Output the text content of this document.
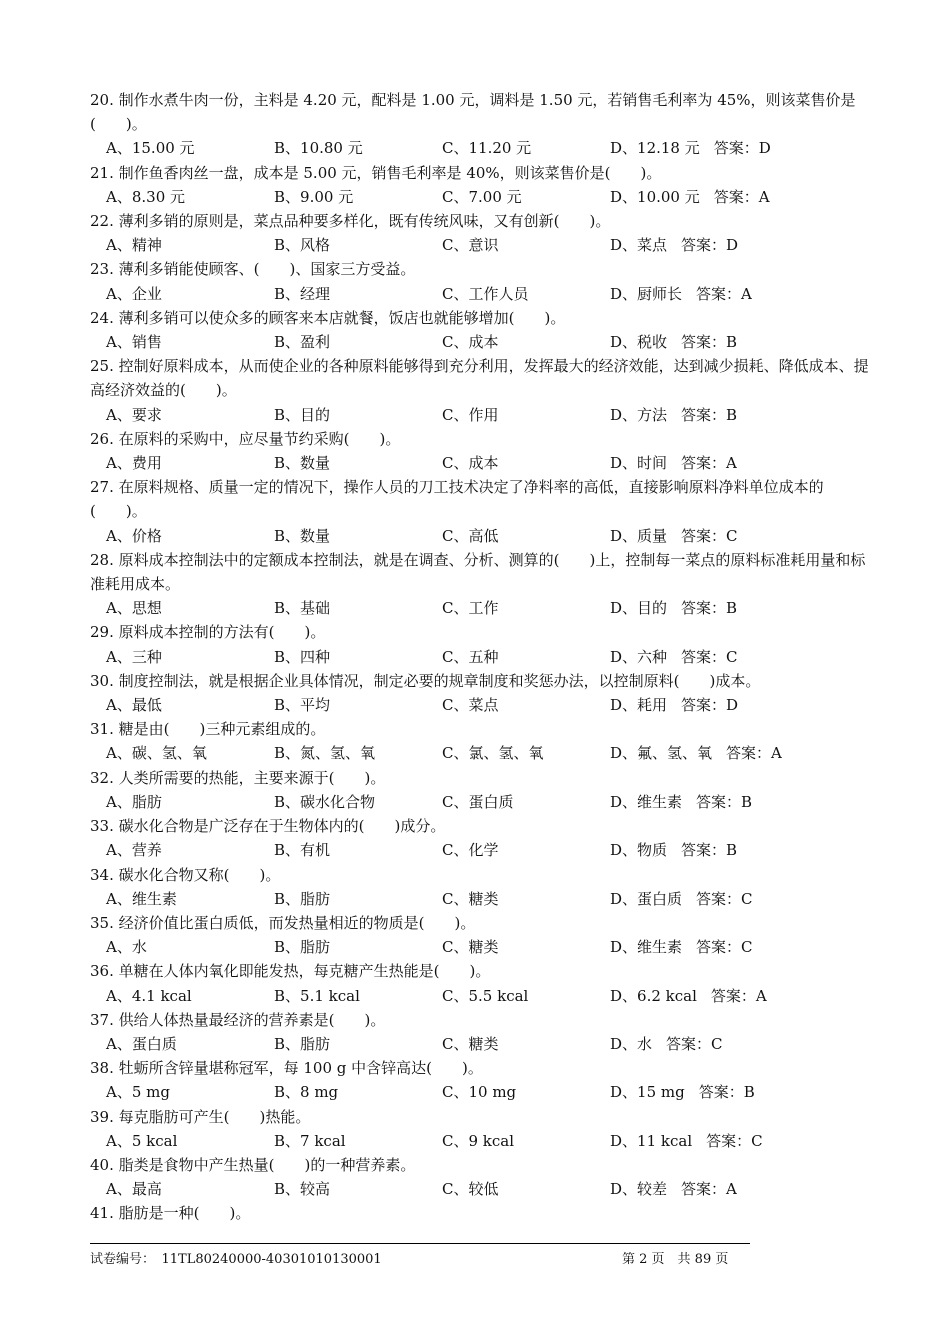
20. 制作水煮牛肉一份，主料是 4.20 元，配料是 1.00 元，调料是 1.50 元，若销售毛利率为 45%，则该菜售价是(　　)。

A、15.00 元	B、10.80 元	C、11.20 元	D、12.18 元 答案：D

21. 制作鱼香肉丝一盘，成本是 5.00 元，销售毛利率是 40%，则该菜售价是(　　)。

A、8.30 元	B、9.00 元	C、7.00 元	D、10.00 元 答案：A

22. 薄利多销的原则是，菜点品种要多样化，既有传统风味，又有创新(　　)。

A、精神	B、风格	C、意识	D、菜点 答案：D

23. 薄利多销能使顾客、(　　)、国家三方受益。

A、企业	B、经理	C、工作人员	D、厨师长 答案：A

24. 薄利多销可以使众多的顾客来本店就餐，饭店也就能够增加(　　)。

A、销售	B、盈利	C、成本	D、税收 答案：B

25. 控制好原料成本，从而使企业的各种原料能够得到充分利用，发挥最大的经济效能，达到减少损耗、降低成本、提高经济效益的(　　)。

A、要求	B、目的	C、作用	D、方法 答案：B

26. 在原料的采购中，应尽量节约采购(　　)。

A、费用	B、数量	C、成本	D、时间 答案：A

27. 在原料规格、质量一定的情况下，操作人员的刀工技术决定了净料率的高低，直接影响原料净料单位成本的(　　)。

A、价格	B、数量	C、高低	D、质量 答案：C

28. 原料成本控制法中的定额成本控制法，就是在调查、分析、测算的(　　)上，控制每一菜点的原料标准耗用量和标准耗用成本。

A、思想	B、基础	C、工作	D、目的 答案：B

29. 原料成本控制的方法有(　　)。

A、三种	B、四种	C、五种	D、六种 答案：C

30. 制度控制法，就是根据企业具体情况，制定必要的规章制度和奖惩办法，以控制原料(　　)成本。

A、最低	B、平均	C、菜点	D、耗用 答案：D

31. 糖是由(　　)三种元素组成的。

A、碳、氢、氧	B、氮、氢、氧	C、氯、氢、氧	D、氟、氢、氧 答案：A

32. 人类所需要的热能，主要来源于(　　)。

A、脂肪	B、碳水化合物	C、蛋白质	D、维生素 答案：B

33. 碳水化合物是广泛存在于生物体内的(　　)成分。

A、营养	B、有机	C、化学	D、物质 答案：B

34. 碳水化合物又称(　　)。

A、维生素	B、脂肪	C、糖类	D、蛋白质 答案：C

35. 经济价值比蛋白质低，而发热量相近的物质是(　　)。

A、水	B、脂肪	C、糖类	D、维生素 答案：C

36. 单糖在人体内氧化即能发热，每克糖产生热能是(　　)。

A、4.1 kcal	B、5.1 kcal	C、5.5 kcal	D、6.2 kcal 答案：A

37. 供给人体热量最经济的营养素是(　　)。

A、蛋白质	B、脂肪	C、糖类	D、水 答案：C

38. 牡蛎所含锌量堪称冠军，每 100 g 中含锌高达(　　)。

A、5 mg	B、8 mg	C、10 mg	D、15 mg 答案：B

39. 每克脂肪可产生(　　)热能。

A、5 kcal	B、7 kcal	C、9 kcal	D、11 kcal 答案：C

40. 脂类是食物中产生热量(　　)的一种营养素。

A、最高	B、较高	C、较低	D、较差 答案：A

41. 脂肪是一种(　　)。

试卷编号：　11TL80240000-40301010130001	第 2 页　共 89 页
